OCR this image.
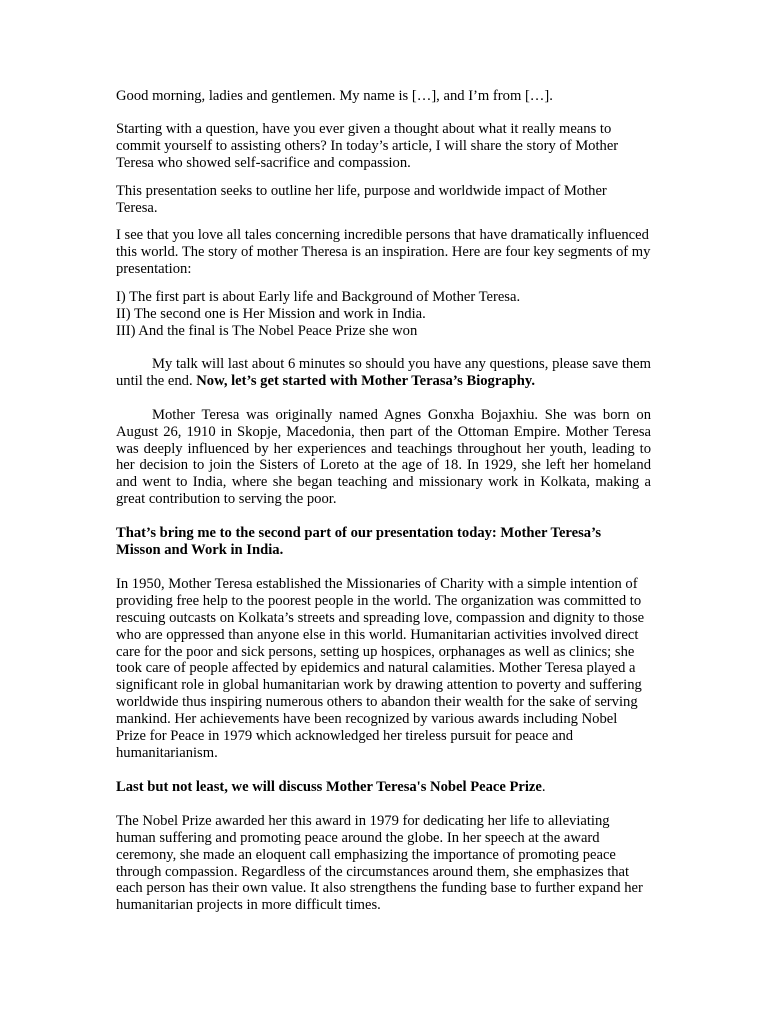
Good morning, ladies and gentlemen. My name is […], and I’m from […].

Starting with a question, have you ever given a thought about what it really means to commit yourself to assisting others? In today’s article, I will share the story of Mother Teresa who showed self-sacrifice and compassion.

This presentation seeks to outline her life, purpose and worldwide impact of Mother Teresa.

I see that you love all tales concerning incredible persons that have dramatically influenced this world. The story of mother Theresa is an inspiration. Here are four key segments of my presentation:

I) The first part is about Early life and Background of Mother Teresa.
II) The second one is Her Mission and work in India.
III) And the final is The Nobel Peace Prize she won

My talk will last about 6 minutes so should you have any questions, please save them until the end. Now, let’s get started with Mother Terasa’s Biography.

Mother Teresa was originally named Agnes Gonxha Bojaxhiu. She was born on August 26, 1910 in Skopje, Macedonia, then part of the Ottoman Empire. Mother Teresa was deeply influenced by her experiences and teachings throughout her youth, leading to her decision to join the Sisters of Loreto at the age of 18. In 1929, she left her homeland and went to India, where she began teaching and missionary work in Kolkata, making a great contribution to serving the poor.

That’s bring me to the second part of our presentation today: Mother Teresa’s Misson and Work in India.

In 1950, Mother Teresa established the Missionaries of Charity with a simple intention of providing free help to the poorest people in the world. The organization was committed to rescuing outcasts on Kolkata’s streets and spreading love, compassion and dignity to those who are oppressed than anyone else in this world. Humanitarian activities involved direct care for the poor and sick persons, setting up hospices, orphanages as well as clinics; she took care of people affected by epidemics and natural calamities. Mother Teresa played a significant role in global humanitarian work by drawing attention to poverty and suffering worldwide thus inspiring numerous others to abandon their wealth for the sake of serving mankind. Her achievements have been recognized by various awards including Nobel Prize for Peace in 1979 which acknowledged her tireless pursuit for peace and humanitarianism.

Last but not least, we will discuss Mother Teresa's Nobel Peace Prize.

The Nobel Prize awarded her this award in 1979 for dedicating her life to alleviating human suffering and promoting peace around the globe. In her speech at the award ceremony, she made an eloquent call emphasizing the importance of promoting peace through compassion. Regardless of the circumstances around them, she emphasizes that each person has their own value. It also strengthens the funding base to further expand her humanitarian projects in more difficult times.
